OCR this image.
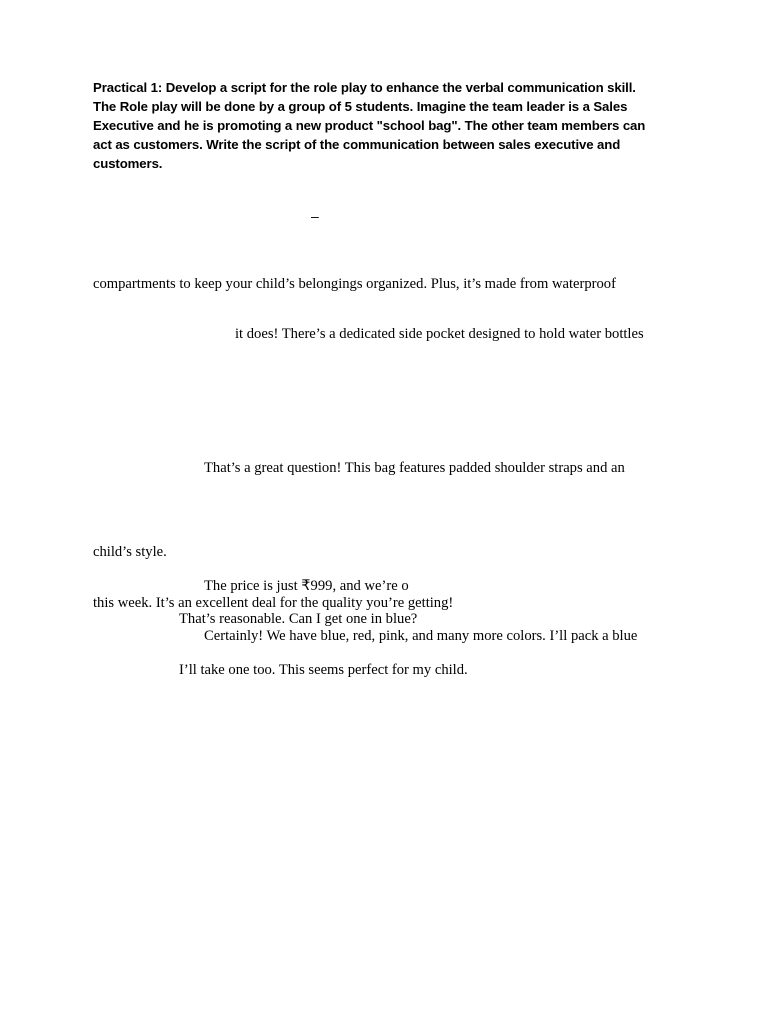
Practical 1: Develop a script for the role play to enhance the verbal communication skill.
The Role play will be done by a group of 5 students. Imagine the team leader is a Sales
Executive and he is promoting a new product "school bag". The other team members can
act as customers. Write the script of the communication between sales executive and
customers.
–
compartments to keep your child’s belongings organized. Plus, it’s made from waterproof
it does! There’s a dedicated side pocket designed to hold water bottles
That’s a great question! This bag features padded shoulder straps and an
child’s style.
The price is just ₹999, and we’re o
this week. It’s an excellent deal for the quality you’re getting!
That’s reasonable. Can I get one in blue?
Certainly! We have blue, red, pink, and many more colors. I’ll pack a blue
I’ll take one too. This seems perfect for my child.
